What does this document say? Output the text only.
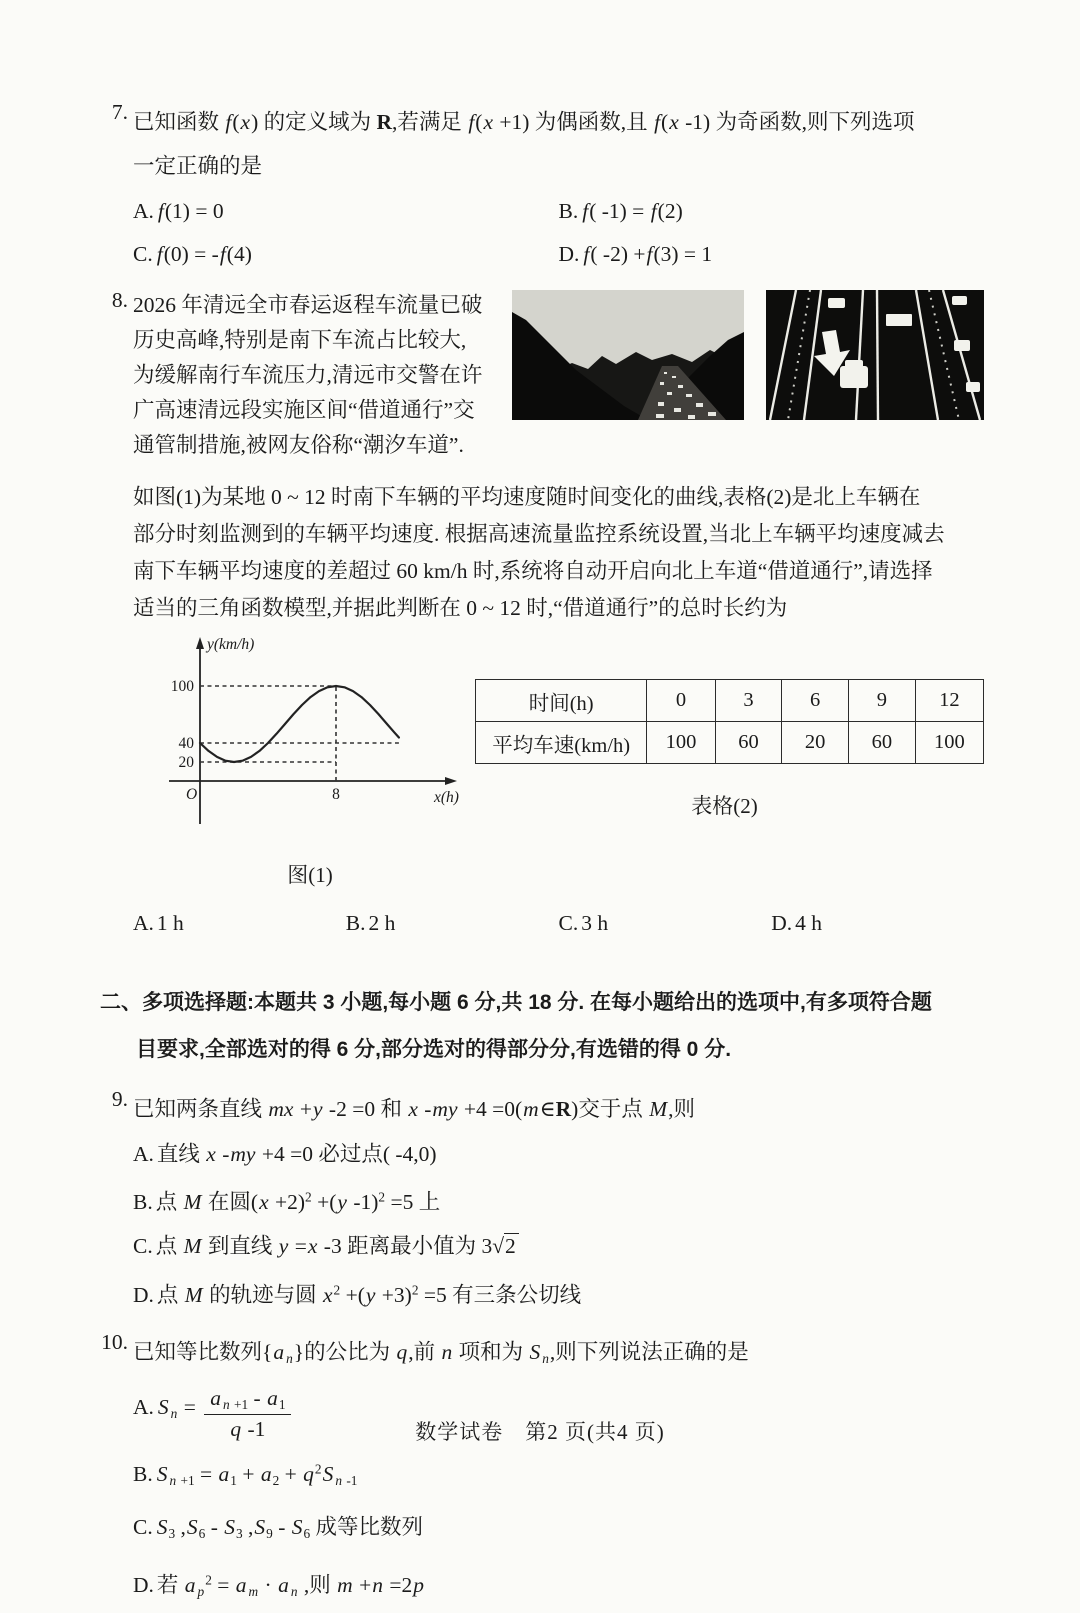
7. 已知函数 f(x) 的定义域为 R,若满足 f(x +1) 为偶函数,且 f(x -1) 为奇函数,则下列选项
一定正确的是
A. f(1) = 0	B. f( -1) = f(2)
C. f(0) = -f(4)	D. f( -2) +f(3) = 1
8. 2026 年清远全市春运返程车流量已破
历史高峰,特别是南下车流占比较大,
为缓解南行车流压力,清远市交警在许
广高速清远段实施区间“借道通行”交
通管制措施,被网友俗称“潮汐车道”.
如图(1)为某地 0 ~ 12 时南下车辆的平均速度随时间变化的曲线,表格(2)是北上车辆在
部分时刻监测到的车辆平均速度. 根据高速流量监控系统设置,当北上车辆平均速度减去
南下车辆平均速度的差超过 60 km/h 时,系统将自动开启向北上车道“借道通行”,请选择
适当的三角函数模型,并据此判断在 0 ~ 12 时,“借道通行”的总时长约为
y(km/h)
x(h)
O
100
40
20
8
图(1)
时间(h)	0	3	6	9	12
平均车速(km/h)	100	60	20	60	100
表格(2)
A. 1 h	B. 2 h	C. 3 h	D. 4 h
二、多项选择题:本题共 3 小题,每小题 6 分,共 18 分. 在每小题给出的选项中,有多项符合题
目要求,全部选对的得 6 分,部分选对的得部分分,有选错的得 0 分.
9. 已知两条直线 mx +y -2 =0 和 x -my +4 =0(m∈R)交于点 M,则
A. 直线 x -my +4 =0 必过点( -4,0)
B. 点 M 在圆$(x +2)^2 +(y$ -1)$^2$ =5 上
C. 点 M 到直线 y =x -3 距离最小值为 3√2
D. 点 M 的轨迹与圆 $x^2 +(y +3)^2 =5$ 有三条公切线
10. 已知等比数列{a $_n$}的公比为 q,前 n 项和为 S $_n$,则下列说法正确的是
A. S $_n = \frac{a _{n +1} - a_1}{q -1}$
B. S $_{n +1} = a_1 + a_2 + q^2S$ $_{n -1}$
C. $S_3$ $,S_6 - S_3$ $,S_9 - S_6$ 成等比数列
D. 若 a $_p^2$ = a $_m$ · a $_n$ ,则 m +n =2p
数学试卷　第2 页(共4 页)
